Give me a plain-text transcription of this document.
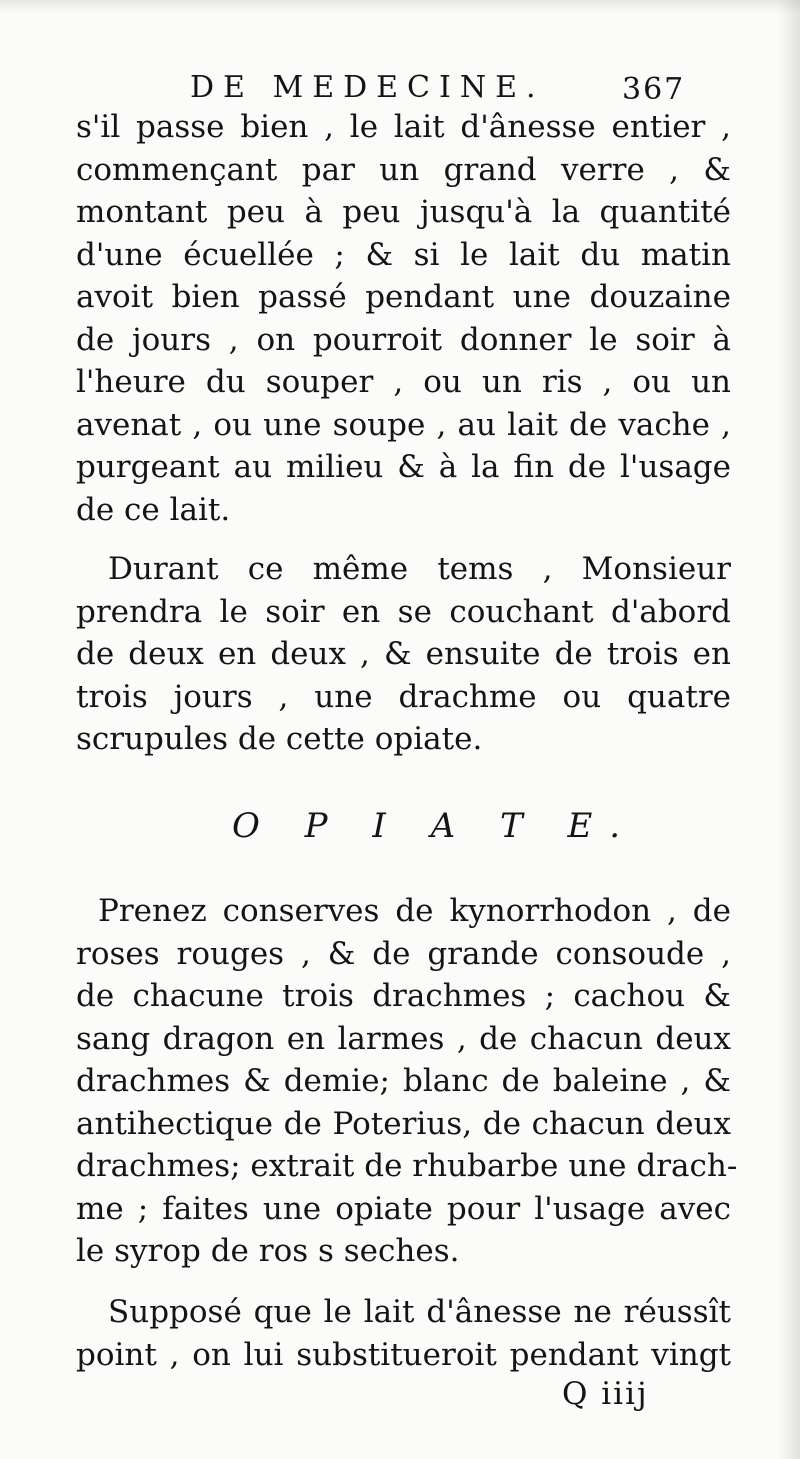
DE MEDECINE.	367
s'il passe bien , le lait d'ânesse entier ,
commençant par un grand verre , &
montant peu à peu jusqu'à la quantité
d'une écuellée ; & si le lait du matin
avoit bien passé pendant une douzaine
de jours , on pourroit donner le soir à
l'heure du souper , ou un ris , ou un
avenat , ou une soupe , au lait de vache ,
purgeant au milieu & à la fin de l'usage
de ce lait.
Durant ce même tems , Monsieur
prendra le soir en se couchant d'abord
de deux en deux , & ensuite de trois en
trois jours , une drachme ou quatre
scrupules de cette opiate.
O P I A T E.
Prenez conserves de kynorrhodon , de
roses rouges , & de grande consoude ,
de chacune trois drachmes ; cachou &
sang dragon en larmes , de chacun deux
drachmes & demie; blanc de baleine , &
antihectique de Poterius, de chacun deux
drachmes; extrait de rhubarbe une drach-
me ; faites une opiate pour l'usage avec
le syrop de ros s seches.
Supposé que le lait d'ânesse ne réussît
point , on lui substitueroit pendant vingt
Q iiij
